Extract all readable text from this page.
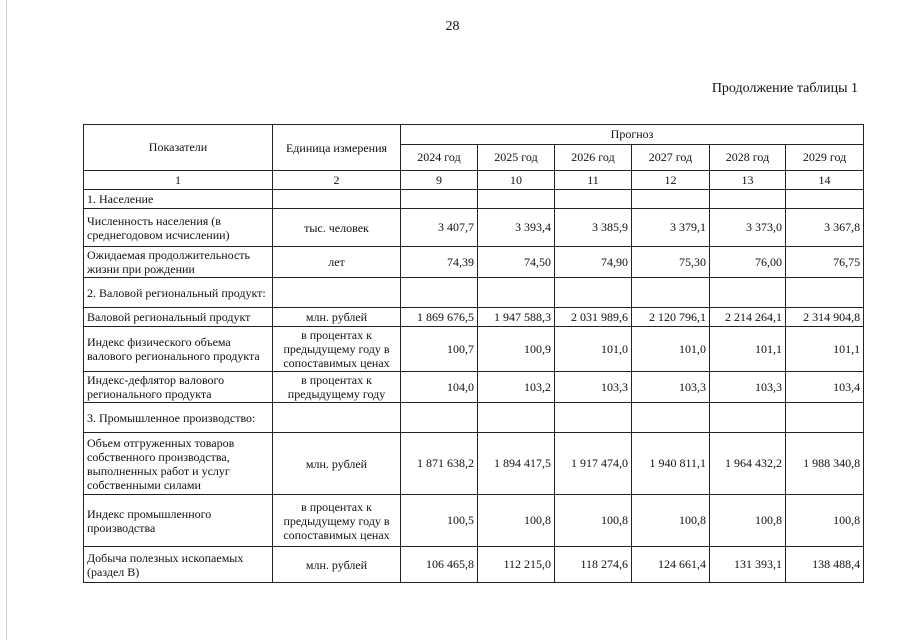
28
Продолжение таблицы 1
Показатели	Единица измерения	Прогноз					
		2024 год	2025 год	2026 год	2027 год	2028 год	2029 год
1	2	9	10	11	12	13	14
1. Население							
Численность населения (в среднегодовом исчислении)	тыс. человек	3 407,7	3 393,4	3 385,9	3 379,1	3 373,0	3 367,8
Ожидаемая продолжительность жизни при рождении	лет	74,39	74,50	74,90	75,30	76,00	76,75
2. Валовой региональный продукт:							
Валовой региональный продукт	млн. рублей	1 869 676,5	1 947 588,3	2 031 989,6	2 120 796,1	2 214 264,1	2 314 904,8
Индекс физического объема валового регионального продукта	в процентах к предыдущему году в сопоставимых ценах	100,7	100,9	101,0	101,0	101,1	101,1
Индекс-дефлятор валового регионального продукта	в процентах к предыдущему году	104,0	103,2	103,3	103,3	103,3	103,4
3. Промышленное производство:							
Объем отгруженных товаров собственного производства, выполненных работ и услуг собственными силами	млн. рублей	1 871 638,2	1 894 417,5	1 917 474,0	1 940 811,1	1 964 432,2	1 988 340,8
Индекс промышленного производства	в процентах к предыдущему году в сопоставимых ценах	100,5	100,8	100,8	100,8	100,8	100,8
Добыча полезных ископаемых (раздел B)	млн. рублей	106 465,8	112 215,0	118 274,6	124 661,4	131 393,1	138 488,4
